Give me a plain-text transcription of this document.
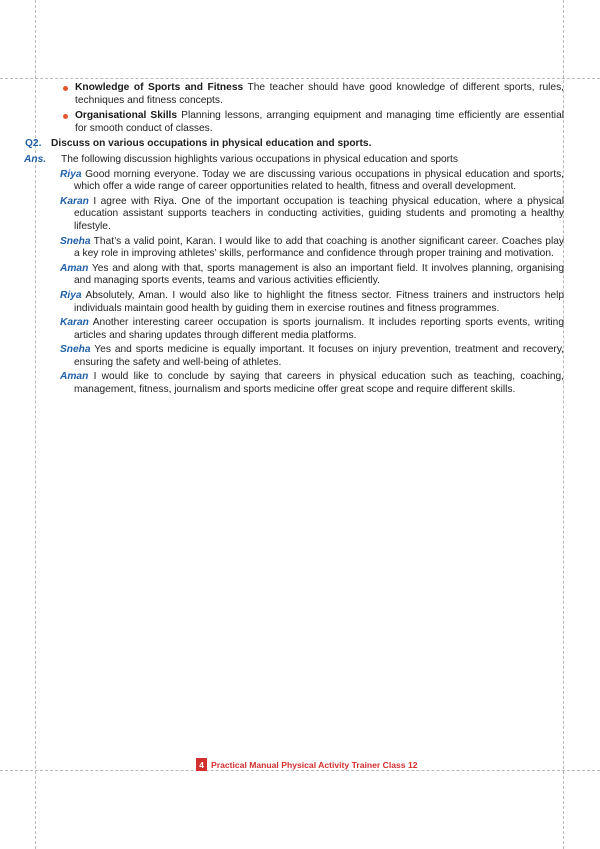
Knowledge of Sports and Fitness The teacher should have good knowledge of different sports, rules, techniques and fitness concepts.
Organisational Skills Planning lessons, arranging equipment and managing time efficiently are essential for smooth conduct of classes.
Q2. Discuss on various occupations in physical education and sports.
Ans. The following discussion highlights various occupations in physical education and sports
Riya Good morning everyone. Today we are discussing various occupations in physical education and sports, which offer a wide range of career opportunities related to health, fitness and overall development.
Karan I agree with Riya. One of the important occupation is teaching physical education, where a physical education assistant supports teachers in conducting activities, guiding students and promoting a healthy lifestyle.
Sneha That’s a valid point, Karan. I would like to add that coaching is another significant career. Coaches play a key role in improving athletes’ skills, performance and confidence through proper training and motivation.
Aman Yes and along with that, sports management is also an important field. It involves planning, organising and managing sports events, teams and various activities efficiently.
Riya Absolutely, Aman. I would also like to highlight the fitness sector. Fitness trainers and instructors help individuals maintain good health by guiding them in exercise routines and fitness programmes.
Karan Another interesting career occupation is sports journalism. It includes reporting sports events, writing articles and sharing updates through different media platforms.
Sneha Yes and sports medicine is equally important. It focuses on injury prevention, treatment and recovery, ensuring the safety and well-being of athletes.
Aman I would like to conclude by saying that careers in physical education such as teaching, coaching, management, fitness, journalism and sports medicine offer great scope and require different skills.
4 Practical Manual Physical Activity Trainer Class 12
